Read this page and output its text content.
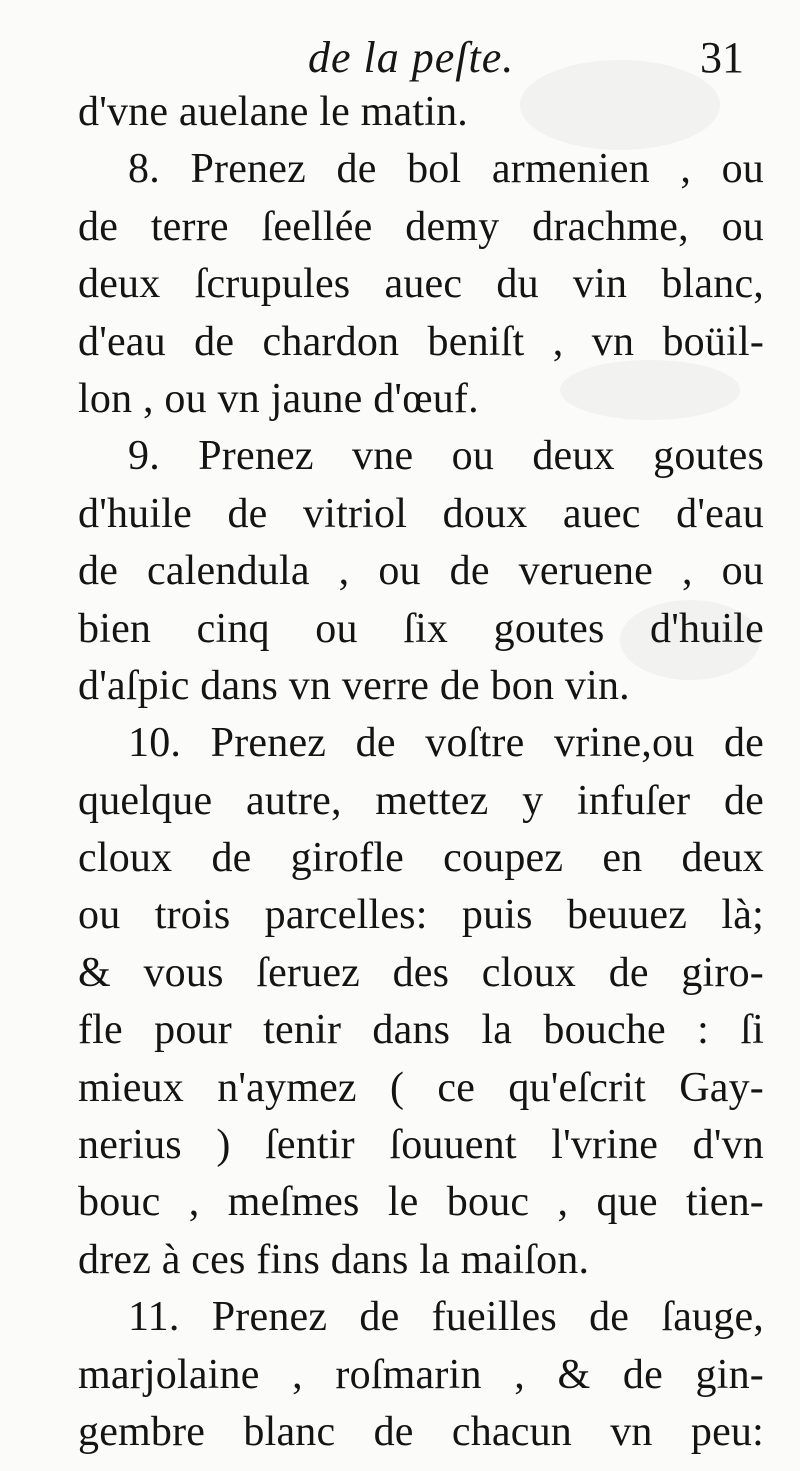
de la peſte.	31
d'vne auelane le matin.
8. Prenez de bol armenien , ou
de terre ſeellée demy drachme, ou
deux ſcrupules auec du vin blanc,
d'eau de chardon beniſt , vn boüil-
lon , ou vn jaune d'œuf.
9. Prenez vne ou deux goutes
d'huile de vitriol doux auec d'eau
de calendula , ou de veruene , ou
bien cinq ou ſix goutes d'huile
d'aſpic dans vn verre de bon vin.
10. Prenez de voſtre vrine,ou de
quelque autre, mettez y infuſer de
cloux de girofle coupez en deux
ou trois parcelles: puis beuuez là;
& vous ſeruez des cloux de giro-
fle pour tenir dans la bouche : ſi
mieux n'aymez ( ce qu'eſcrit Gay-
nerius ) ſentir ſouuent l'vrine d'vn
bouc , meſmes le bouc , que tien-
drez à ces fins dans la maiſon.
11. Prenez de fueilles de ſauge,
marjolaine , roſmarin , & de gin-
gembre blanc de chacun vn peu:
